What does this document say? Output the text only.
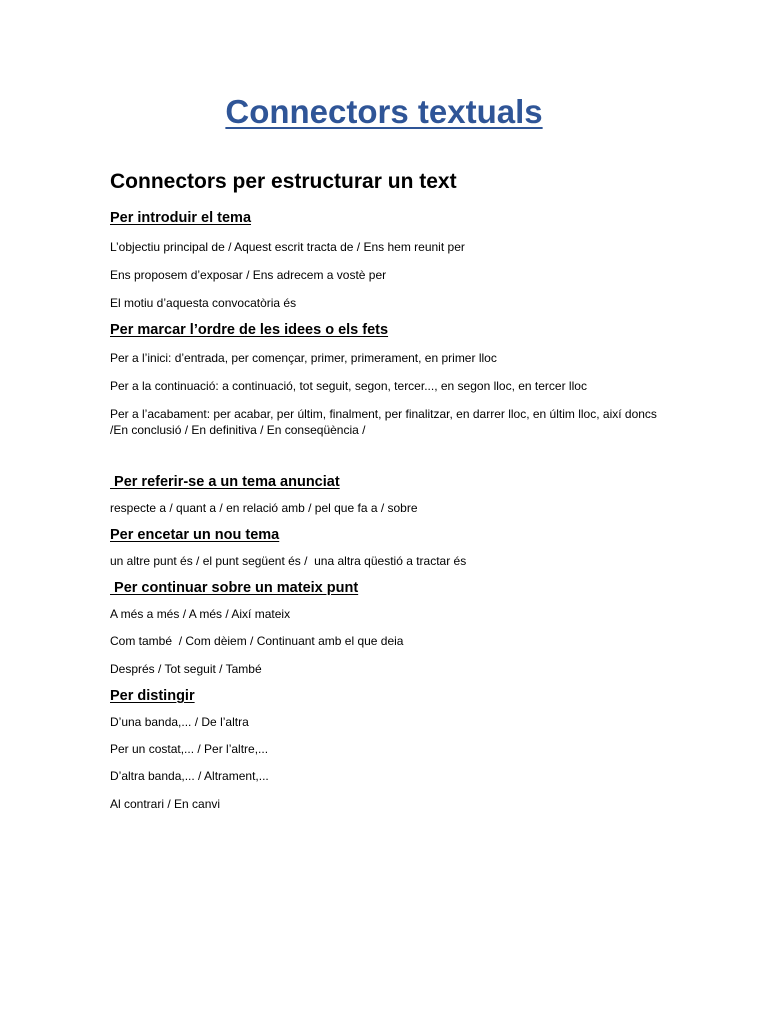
Connectors textuals
Connectors per estructurar un text
Per introduir el tema

L’objectiu principal de / Aquest escrit tracta de / Ens hem reunit per

Ens proposem d’exposar / Ens adrecem a vostè per

El motiu d’aquesta convocatòria és

Per marcar l’ordre de les idees o els fets

Per a l’inici: d’entrada, per començar, primer, primerament, en primer lloc

Per a la continuació: a continuació, tot seguit, segon, tercer..., en segon lloc, en tercer lloc

Per a l’acabament: per acabar, per últim, finalment, per finalitzar, en darrer lloc, en últim lloc, així doncs /En conclusió / En definitiva / En conseqüència /

Per referir-se a un tema anunciat

respecte a / quant a / en relació amb / pel que fa a / sobre

Per encetar un nou tema

un altre punt és / el punt següent és /  una altra qüestió a tractar és

Per continuar sobre un mateix punt

A més a més / A més / Així mateix

Com també  / Com dèiem / Continuant amb el que deia

Després / Tot seguit / També

Per distingir

D’una banda,... / De l’altra

Per un costat,... / Per l’altre,...

D’altra banda,... / Altrament,...

Al contrari / En canvi
